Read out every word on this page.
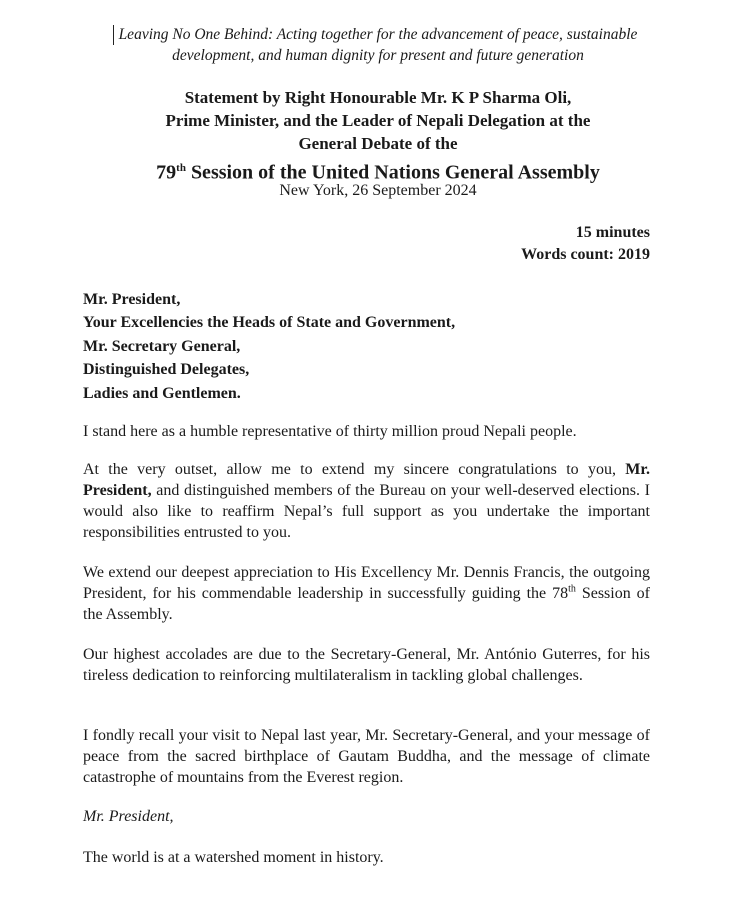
Leaving No One Behind: Acting together for the advancement of peace, sustainable
development, and human dignity for present and future generation
Statement by Right Honourable Mr. K P Sharma Oli,
Prime Minister, and the Leader of Nepali Delegation at the
General Debate of the
79th Session of the United Nations General Assembly
New York, 26 September 2024
15 minutes
Words count: 2019
Mr. President,
Your Excellencies the Heads of State and Government,
Mr. Secretary General,
Distinguished Delegates,
Ladies and Gentlemen.

I stand here as a humble representative of thirty million proud Nepali people.

At the very outset, allow me to extend my sincere congratulations to you, Mr. President, and distinguished members of the Bureau on your well-deserved elections. I would also like to reaffirm Nepal’s full support as you undertake the important responsibilities entrusted to you.

We extend our deepest appreciation to His Excellency Mr. Dennis Francis, the outgoing President, for his commendable leadership in successfully guiding the 78th Session of the Assembly.

Our highest accolades are due to the Secretary-General, Mr. António Guterres, for his tireless dedication to reinforcing multilateralism in tackling global challenges.

I fondly recall your visit to Nepal last year, Mr. Secretary-General, and your message of peace from the sacred birthplace of Gautam Buddha, and the message of climate catastrophe of mountains from the Everest region.

Mr. President,

The world is at a watershed moment in history.
